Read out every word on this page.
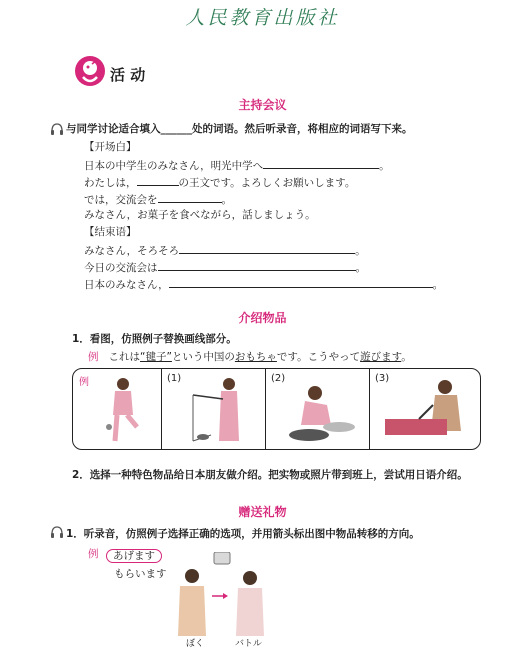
人民教育出版社
活 动
主持会议
与同学讨论适合填入______处的词语。然后听录音，将相应的词语写下来。
【开场白】
日本の中学生のみなさん，明光中学へ	。
わたしは，	の王文です。よろしくお願いします。
では，交流会を	。
みなさん，お菓子を食べながら，話しましょう。
【结束语】
みなさん，そろそろ	。
今日の交流会は	。
日本のみなさん，	。
介绍物品
1．看图，仿照例子替换画线部分。
例 これは“毽子”という中国のおもちゃです。こうやって遊びます。
例	(1)	(2)	(3)
2．选择一种特色物品给日本朋友做介绍。把实物或照片带到班上，尝试用日语介绍。
赠送礼物
1．听录音，仿照例子选择正确的选项，并用箭头标出图中物品转移的方向。
例	あげます
もらいます
ぼく	バトル
